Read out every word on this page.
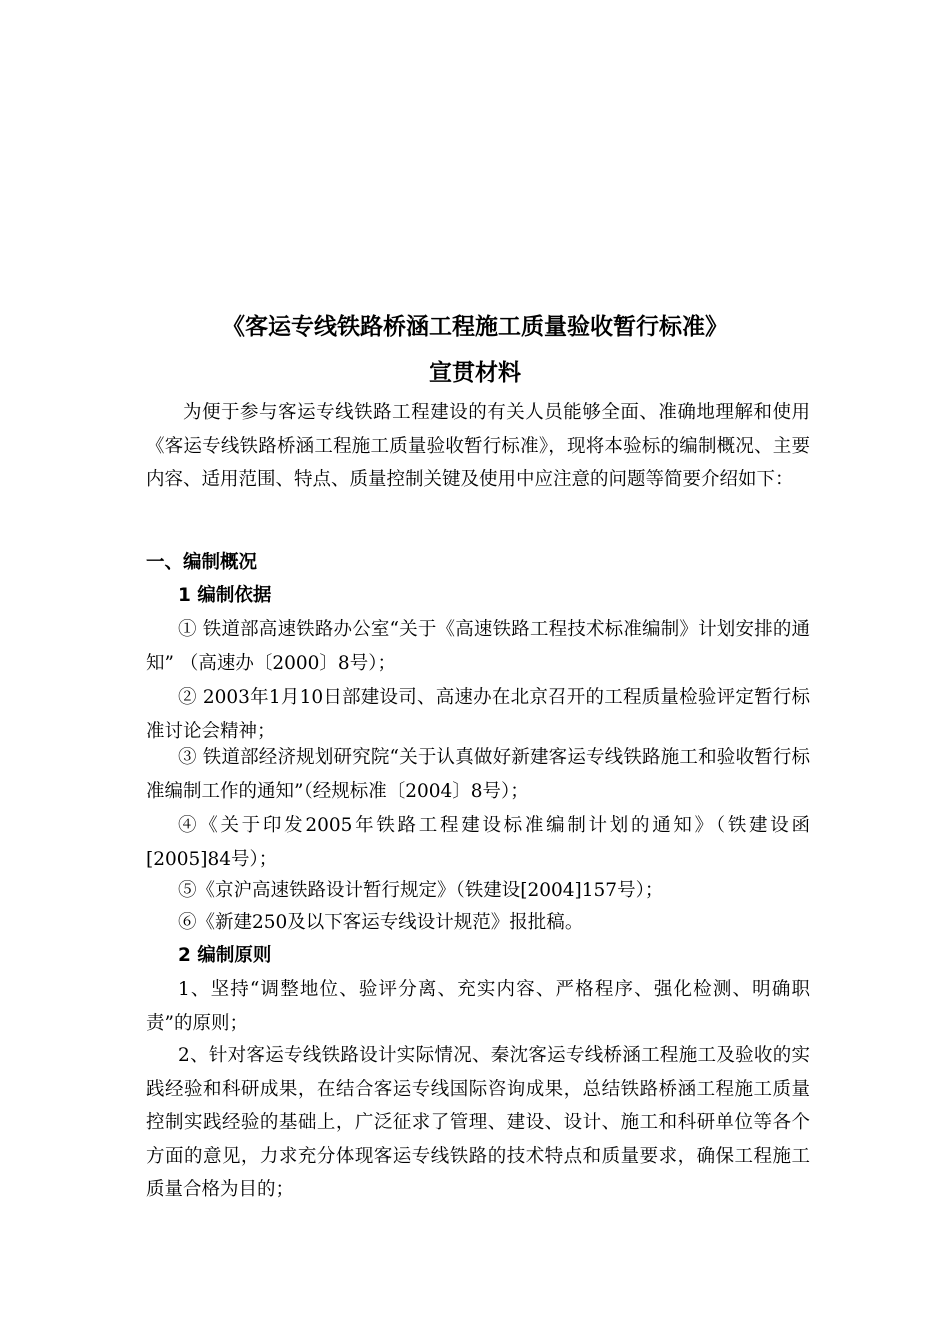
《客运专线铁路桥涵工程施工质量验收暂行标准》
宣贯材料
为便于参与客运专线铁路工程建设的有关人员能够全面、准确地理解和使用《客运专线铁路桥涵工程施工质量验收暂行标准》，现将本验标的编制概况、主要内容、适用范围、特点、质量控制关键及使用中应注意的问题等简要介绍如下：
一、编制概况
1 编制依据
① 铁道部高速铁路办公室“关于《高速铁路工程技术标准编制》计划安排的通知” （高速办〔2000〕8号）；
② 2003年1月10日部建设司、高速办在北京召开的工程质量检验评定暂行标准讨论会精神；
③ 铁道部经济规划研究院“关于认真做好新建客运专线铁路施工和验收暂行标准编制工作的通知”（经规标准〔2004〕8号）；
④《关于印发2005年铁路工程建设标准编制计划的通知》（铁建设函[2005]84号）；
⑤《京沪高速铁路设计暂行规定》（铁建设[2004]157号）；
⑥《新建250及以下客运专线设计规范》报批稿。
2 编制原则
1、坚持“调整地位、验评分离、充实内容、严格程序、强化检测、明确职责”的原则；
2、针对客运专线铁路设计实际情况、秦沈客运专线桥涵工程施工及验收的实践经验和科研成果，在结合客运专线国际咨询成果，总结铁路桥涵工程施工质量控制实践经验的基础上，广泛征求了管理、建设、设计、施工和科研单位等各个方面的意见，力求充分体现客运专线铁路的技术特点和质量要求，确保工程施工质量合格为目的；
